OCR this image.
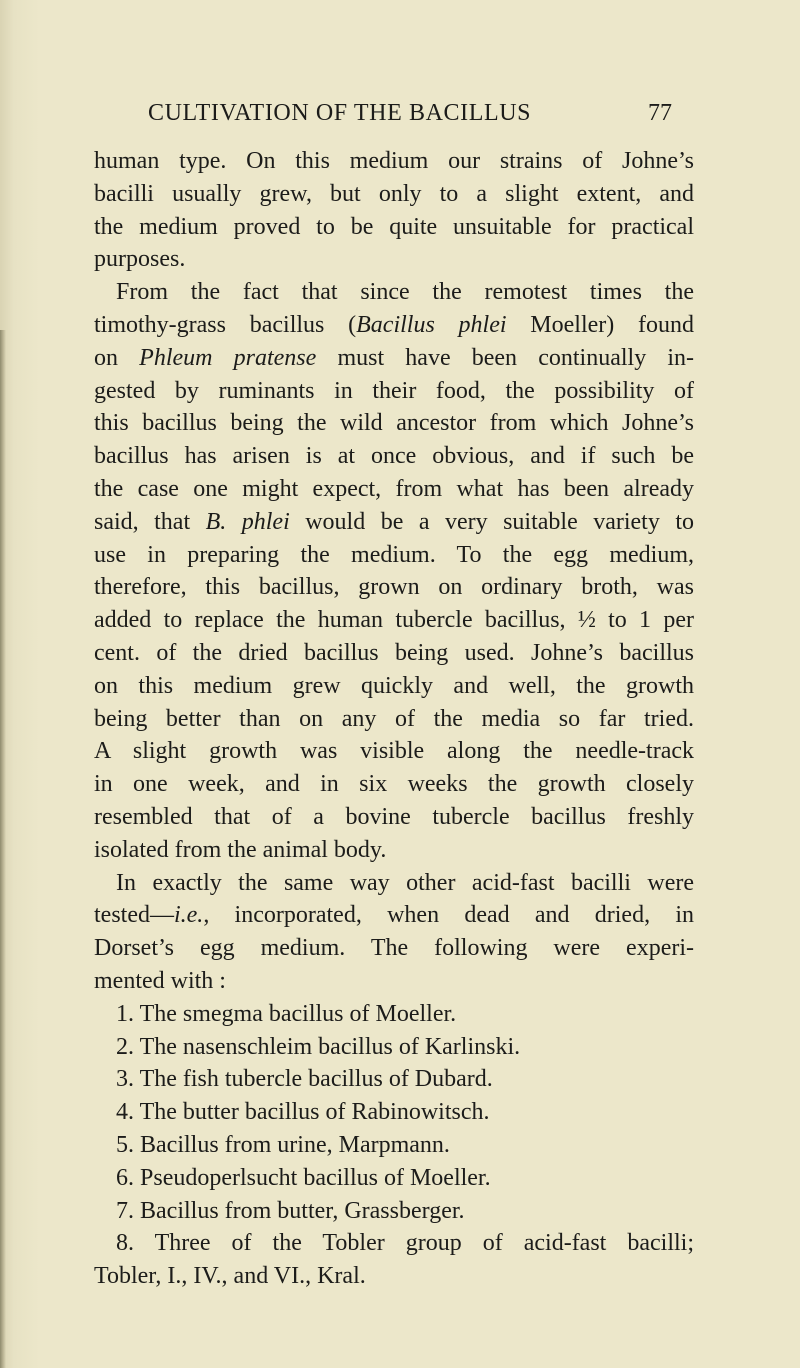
CULTIVATION OF THE BACILLUS	77

human type. On this medium our strains of Johne’s
bacilli usually grew, but only to a slight extent, and
the medium proved to be quite unsuitable for practical
purposes.

From the fact that since the remotest times the
timothy-grass bacillus (Bacillus phlei Moeller) found
on Phleum pratense must have been continually in-
gested by ruminants in their food, the possibility of
this bacillus being the wild ancestor from which Johne’s
bacillus has arisen is at once obvious, and if such be
the case one might expect, from what has been already
said, that B. phlei would be a very suitable variety to
use in preparing the medium. To the egg medium,
therefore, this bacillus, grown on ordinary broth, was
added to replace the human tubercle bacillus, ½ to 1 per
cent. of the dried bacillus being used. Johne’s bacillus
on this medium grew quickly and well, the growth
being better than on any of the media so far tried.
A slight growth was visible along the needle-track
in one week, and in six weeks the growth closely
resembled that of a bovine tubercle bacillus freshly
isolated from the animal body.

In exactly the same way other acid-fast bacilli were
tested—i.e., incorporated, when dead and dried, in
Dorset’s egg medium. The following were experi-
mented with :

1. The smegma bacillus of Moeller.
2. The nasenschleim bacillus of Karlinski.
3. The fish tubercle bacillus of Dubard.
4. The butter bacillus of Rabinowitsch.
5. Bacillus from urine, Marpmann.
6. Pseudoperlsucht bacillus of Moeller.
7. Bacillus from butter, Grassberger.
8. Three of the Tobler group of acid-fast bacilli;
Tobler, I., IV., and VI., Kral.
